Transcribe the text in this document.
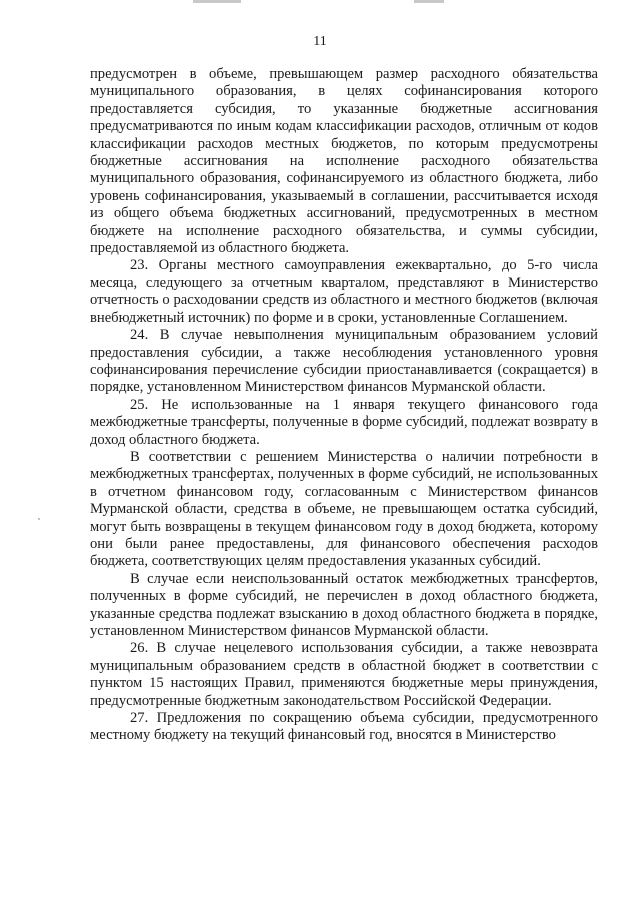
11

предусмотрен в объеме, превышающем размер расходного обязательства муниципального образования, в целях софинансирования которого предоставляется субсидия, то указанные бюджетные ассигнования предусматриваются по иным кодам классификации расходов, отличным от кодов классификации расходов местных бюджетов, по которым предусмотрены бюджетные ассигнования на исполнение расходного обязательства муниципального образования, софинансируемого из областного бюджета, либо уровень софинансирования, указываемый в соглашении, рассчитывается исходя из общего объема бюджетных ассигнований, предусмотренных в местном бюджете на исполнение расходного обязательства, и суммы субсидии, предоставляемой из областного бюджета.

23. Органы местного самоуправления ежеквартально, до 5-го числа месяца, следующего за отчетным кварталом, представляют в Министерство отчетность о расходовании средств из областного и местного бюджетов (включая внебюджетный источник) по форме и в сроки, установленные Соглашением.

24. В случае невыполнения муниципальным образованием условий предоставления субсидии, а также несоблюдения установленного уровня софинансирования перечисление субсидии приостанавливается (сокращается) в порядке, установленном Министерством финансов Мурманской области.

25. Не использованные на 1 января текущего финансового года межбюджетные трансферты, полученные в форме субсидий, подлежат возврату в доход областного бюджета.

В соответствии с решением Министерства о наличии потребности в межбюджетных трансфертах, полученных в форме субсидий, не использованных в отчетном финансовом году, согласованным с Министерством финансов Мурманской области, средства в объеме, не превышающем остатка субсидий, могут быть возвращены в текущем финансовом году в доход бюджета, которому они были ранее предоставлены, для финансового обеспечения расходов бюджета, соответствующих целям предоставления указанных субсидий.

В случае если неиспользованный остаток межбюджетных трансфертов, полученных в форме субсидий, не перечислен в доход областного бюджета, указанные средства подлежат взысканию в доход областного бюджета в порядке, установленном Министерством финансов Мурманской области.

26. В случае нецелевого использования субсидии, а также невозврата муниципальным образованием средств в областной бюджет в соответствии с пунктом 15 настоящих Правил, применяются бюджетные меры принуждения, предусмотренные бюджетным законодательством Российской Федерации.

27. Предложения по сокращению объема субсидии, предусмотренного местному бюджету на текущий финансовый год, вносятся в Министерство
